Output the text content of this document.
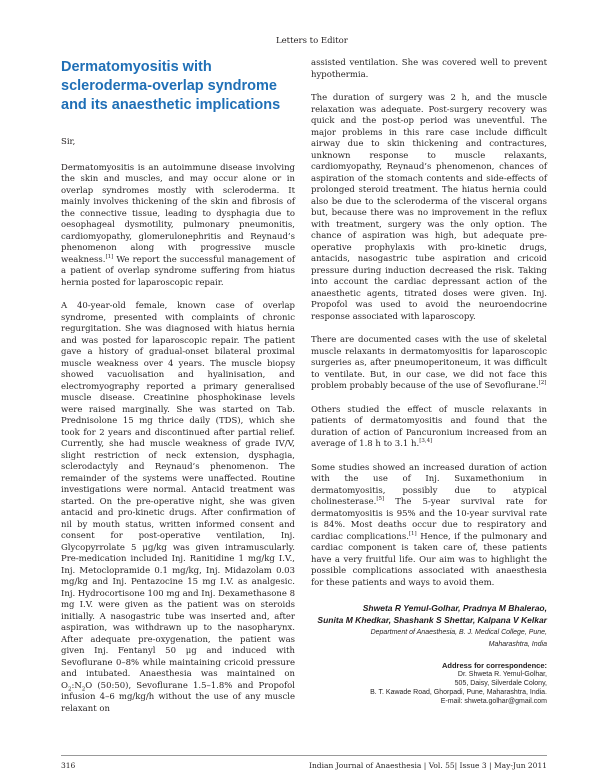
Letters to Editor
Dermatomyositis with scleroderma-overlap syndrome and its anaesthetic implications

Sir,

Dermatomyositis is an autoimmune disease involving the skin and muscles, and may occur alone or in overlap syndromes mostly with scleroderma. It mainly involves thickening of the skin and fibrosis of the connective tissue, leading to dysphagia due to oesophageal dysmotility, pulmonary pneumonitis, cardiomyopathy, glomerulonephritis and Reynaud’s phenomenon along with progressive muscle weakness.[1] We report the successful management of a patient of overlap syndrome suffering from hiatus hernia posted for laparoscopic repair.

A 40-year-old female, known case of overlap syndrome, presented with complaints of chronic regurgitation. She was diagnosed with hiatus hernia and was posted for laparoscopic repair. The patient gave a history of gradual-onset bilateral proximal muscle weakness over 4 years. The muscle biopsy showed vacuolisation and hyalinisation, and electromyography reported a primary generalised muscle disease. Creatinine phosphokinase levels were raised marginally. She was started on Tab. Prednisolone 15 mg thrice daily (TDS), which she took for 2 years and discontinued after partial relief. Currently, she had muscle weakness of grade IV/V, slight restriction of neck extension, dysphagia, sclerodactyly and Reynaud’s phenomenon. The remainder of the systems were unaffected. Routine investigations were normal. Antacid treatment was started. On the pre-operative night, she was given antacid and pro-kinetic drugs. After confirmation of nil by mouth status, written informed consent and consent for post-operative ventilation, Inj. Glycopyrrolate 5 μg/kg was given intramuscularly. Pre-medication included Inj. Ranitidine 1 mg/kg I.V., Inj. Metoclopramide 0.1 mg/kg, Inj. Midazolam 0.03 mg/kg and Inj. Pentazocine 15 mg I.V. as analgesic. Inj. Hydrocortisone 100 mg and Inj. Dexamethasone 8 mg I.V. were given as the patient was on steroids initially. A nasogastric tube was inserted and, after aspiration, was withdrawn up to the nasopharynx. After adequate pre-oxygenation, the patient was given Inj. Fentanyl 50 μg and induced with Sevoflurane 0–8% while maintaining cricoid pressure and intubated. Anaesthesia was maintained on $O_2:N_2O$ (50:50), Sevoflurane 1.5–1.8% and Propofol infusion 4–6 mg/kg/h without the use of any muscle relaxant on

assisted ventilation. She was covered well to prevent hypothermia.

The duration of surgery was 2 h, and the muscle relaxation was adequate. Post-surgery recovery was quick and the post-op period was uneventful. The major problems in this rare case include difficult airway due to skin thickening and contractures, unknown response to muscle relaxants, cardiomyopathy, Reynaud’s phenomenon, chances of aspiration of the stomach contents and side-effects of prolonged steroid treatment. The hiatus hernia could also be due to the scleroderma of the visceral organs but, because there was no improvement in the reflux with treatment, surgery was the only option. The chance of aspiration was high, but adequate pre-operative prophylaxis with pro-kinetic drugs, antacids, nasogastric tube aspiration and cricoid pressure during induction decreased the risk. Taking into account the cardiac depressant action of the anaesthetic agents, titrated doses were given. Inj. Propofol was used to avoid the neuroendocrine response associated with laparoscopy.

There are documented cases with the use of skeletal muscle relaxants in dermatomyositis for laparoscopic surgeries as, after pneumoperitoneum, it was difficult to ventilate. But, in our case, we did not face this problem probably because of the use of Sevoflurane.[2]

Others studied the effect of muscle relaxants in patients of dermatomyositis and found that the duration of action of Pancuronium increased from an average of 1.8 h to 3.1 h.[3,4]

Some studies showed an increased duration of action with the use of Inj. Suxamethonium in dermatomyositis, possibly due to atypical cholinesterase.[5] The 5-year survival rate for dermatomyositis is 95% and the 10-year survival rate is 84%. Most deaths occur due to respiratory and cardiac complications.[1] Hence, if the pulmonary and cardiac component is taken care of, these patients have a very fruitful life. Our aim was to highlight the possible complications associated with anaesthesia for these patients and ways to avoid them.

Shweta R Yemul-Golhar, Pradnya M Bhalerao,
Sunita M Khedkar, Shashank S Shettar, Kalpana V Kelkar
Department of Anaesthesia, B. J. Medical College, Pune,
Maharashtra, India
Address for correspondence:
Dr. Shweta R. Yemul-Golhar,
505, Daisy, Silverdale Colony,
B. T. Kawade Road, Ghorpadi, Pune, Maharashtra, India.
E-mail: shweta.golhar@gmail.com
316	Indian Journal of Anaesthesia | Vol. 55| Issue 3 | May-Jun 2011
